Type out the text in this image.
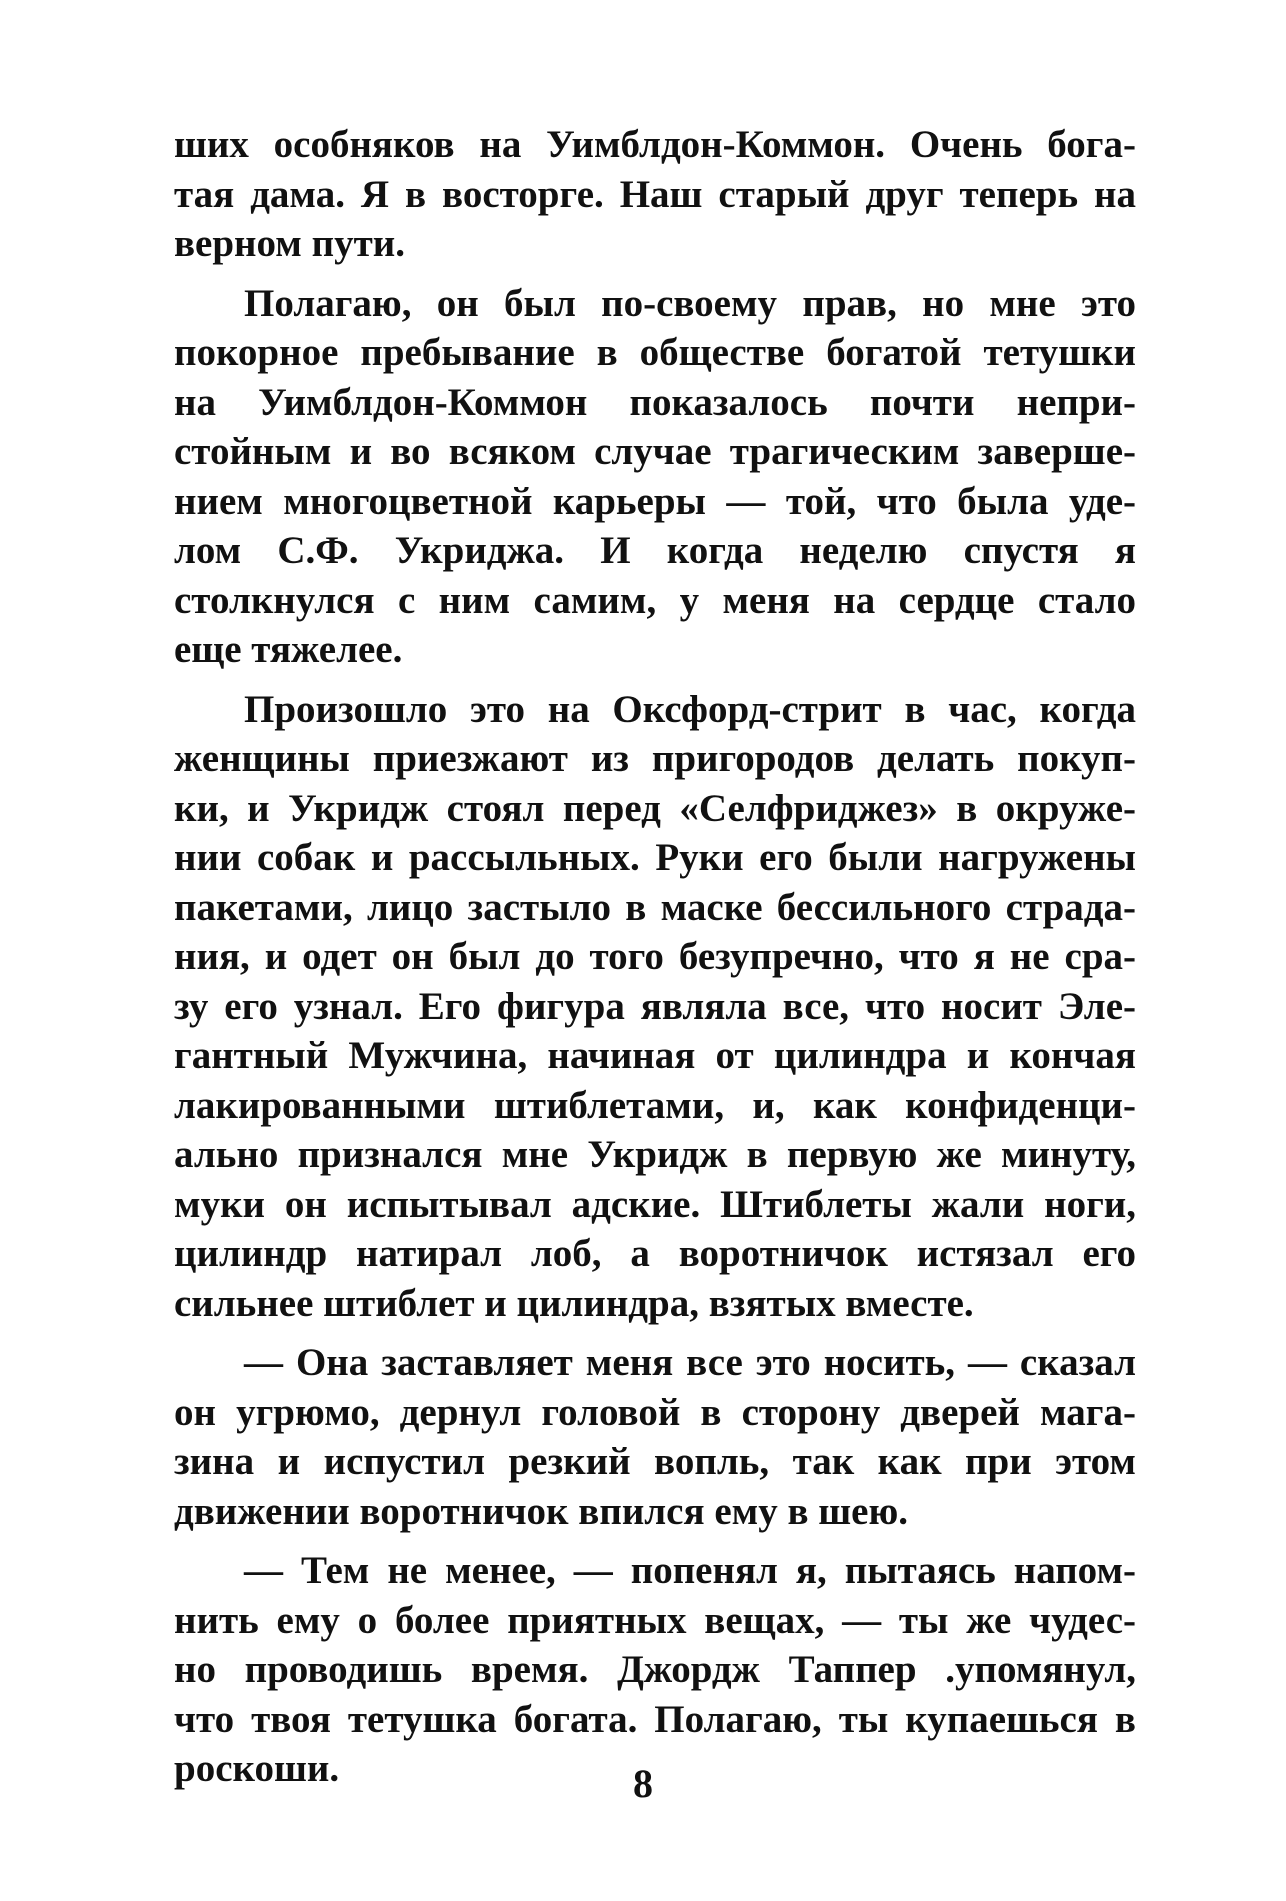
ших особняков на Уимблдон-Коммон. Очень бога-
тая дама. Я в восторге. Наш старый друг теперь на
верном пути.
Полагаю, он был по-своему прав, но мне это
покорное пребывание в обществе богатой тетушки
на Уимблдон-Коммон показалось почти непри-
стойным и во всяком случае трагическим заверше-
нием многоцветной карьеры — той, что была уде-
лом С.Ф. Укриджа. И когда неделю спустя я
столкнулся с ним самим, у меня на сердце стало
еще тяжелее.
Произошло это на Оксфорд-стрит в час, когда
женщины приезжают из пригородов делать покуп-
ки, и Укридж стоял перед «Селфриджез» в окруже-
нии собак и рассыльных. Руки его были нагружены
пакетами, лицо застыло в маске бессильного страда-
ния, и одет он был до того безупречно, что я не сра-
зу его узнал. Его фигура являла все, что носит Эле-
гантный Мужчина, начиная от цилиндра и кончая
лакированными штиблетами, и, как конфиденци-
ально признался мне Укридж в первую же минуту,
муки он испытывал адские. Штиблеты жали ноги,
цилиндр натирал лоб, а воротничок истязал его
сильнее штиблет и цилиндра, взятых вместе.
— Она заставляет меня все это носить, — сказал
он угрюмо, дернул головой в сторону дверей мага-
зина и испустил резкий вопль, так как при этом
движении воротничок впился ему в шею.
— Тем не менее, — попенял я, пытаясь напом-
нить ему о более приятных вещах, — ты же чудес-
но проводишь время. Джордж Таппер .упомянул,
что твоя тетушка богата. Полагаю, ты купаешься в
роскоши.	8
